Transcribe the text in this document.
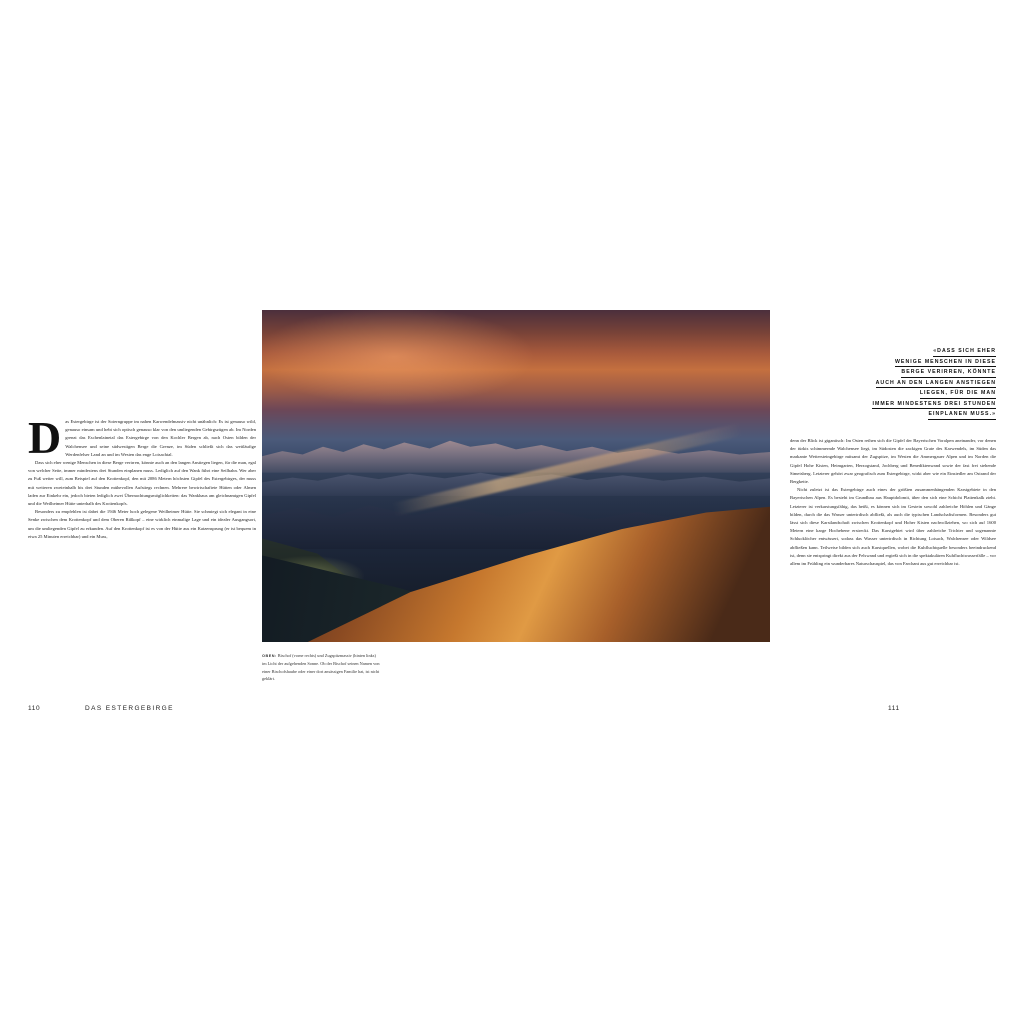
Das Estergebirge ist der Soierngruppe im nahen Karwendelmassiv nicht unähnlich: Es ist genauso wild, genauso einsam und hebt sich optisch genauso klar von den umliegenden Gebirgszügen ab. Im Norden grenzt das Eschenlainetal das Estergebirge von den Kochler Bergen ab, nach Osten bilden der Walchensee und seine südwestigen Berge die Grenze, im Süden schließt sich das weitläufige Werdenfelser Land an und im Westen das enge Loisachtal.

Dass sich eher wenige Menschen in diese Berge verirren, könnte auch an den langen Anstiegen liegen, für die man, egal von welcher Seite, immer mindestens drei Stunden einplanen muss. Lediglich auf den Wank führt eine Seilbahn. Wer aber zu Fuß weiter will, zum Beispiel auf den Krottenkopf, den mit 2086 Metern höchsten Gipfel des Estergebirges, der muss mit weiteren zweieinhalb bis drei Stunden mühevollen Aufstiegs rechnen. Mehrere bewirtschaftete Hütten oder Almen laden zur Einkehr ein, jedoch bieten lediglich zwei Übernachtungsmöglichkeiten: das Wankhaus am gleichnamigen Gipfel und die Weilheimer Hütte unterhalb des Krottenkopfs.

Besonders zu empfehlen ist dabei die 1946 Meter hoch gelegene Weilheimer Hütte. Sie schmiegt sich elegant in eine Senke zwischen dem Krottenkopf und dem Oberen Rißkopf – eine wirklich einmalige Lage und ein idealer Ausgangsort, um die umliegenden Gipfel zu erkunden. Auf den Krottenkopf ist es von der Hütte aus ein Katzensprung (er ist bequem in etwa 25 Minuten erreichbar) und ein Muss,

110	DAS ESTERGEBIRGE
OBEN: Bischof (vorne rechts) und Zugspitzmassiv (hinten links) im Licht der aufgehenden Sonne. Ob der Bischof seinen Namen von einer Bischofshaube oder einer dort ansässigen Familie hat, ist nicht geklärt.
«DASS SICH EHER
WENIGE MENSCHEN IN DIESE
BERGE VERIRREN, KÖNNTE
AUCH AN DEN LANGEN ANSTIEGEN
LIEGEN, FÜR DIE MAN
IMMER MINDESTENS DREI STUNDEN
EINPLANEN MUSS.»

denn der Blick ist gigantisch: Im Osten reihen sich die Gipfel der Bayerischen Voralpen aneinander, vor denen der türkis schimmernde Walchensee liegt, im Südosten die zackigen Grate des Karwendels, im Süden das markante Wettersteingebirge mitsamt der Zugspitze, im Westen die Ammergauer Alpen und im Norden die Gipfel Hohe Kisten, Heimgarten, Herzogstand, Jochberg und Benediktenwand sowie der fast frei stehende Simetsberg. Letzterer gehört zwar geografisch zum Estergebirge, wirkt aber wie ein Einsiedler am Ostrand der Bergkette.

Nicht zuletzt ist das Estergebirge auch eines der größten zusammenhängenden Karstgebiete in den Bayerischen Alpen. Es besteht im Grundbau aus Hauptdolomit, über den sich eine Schicht Plattenkalk zieht. Letzterer ist verkarstungsfähig, das heißt, es können sich im Gestein sowohl zahlreiche Höhlen und Gänge bilden, durch die das Wasser unterirdisch abfließt, als auch die typischen Landschaftsformen. Besonders gut lässt sich diese Karstlandschaft zwischen Krottenkopf und Hoher Kisten nachvollziehen, wo sich auf 1600 Metern eine karge Hochebene erstreckt. Das Karstgebiet wird über zahlreiche Trichter und sogenannte Schlucklöcher entwässert, sodass das Wasser unterirdisch in Richtung Loisach, Walchensee oder Wildsee abfließen kann. Teilweise bilden sich auch Karstquellen, wobei die Kuhfluchtquelle besonders beeindruckend ist, denn sie entspringt direkt aus der Felswand und ergießt sich in die spektakulären Kuhfluchtwasserfälle – vor allem im Frühling ein wunderbares Naturschauspiel, das von Farchant aus gut erreichbar ist.

111
